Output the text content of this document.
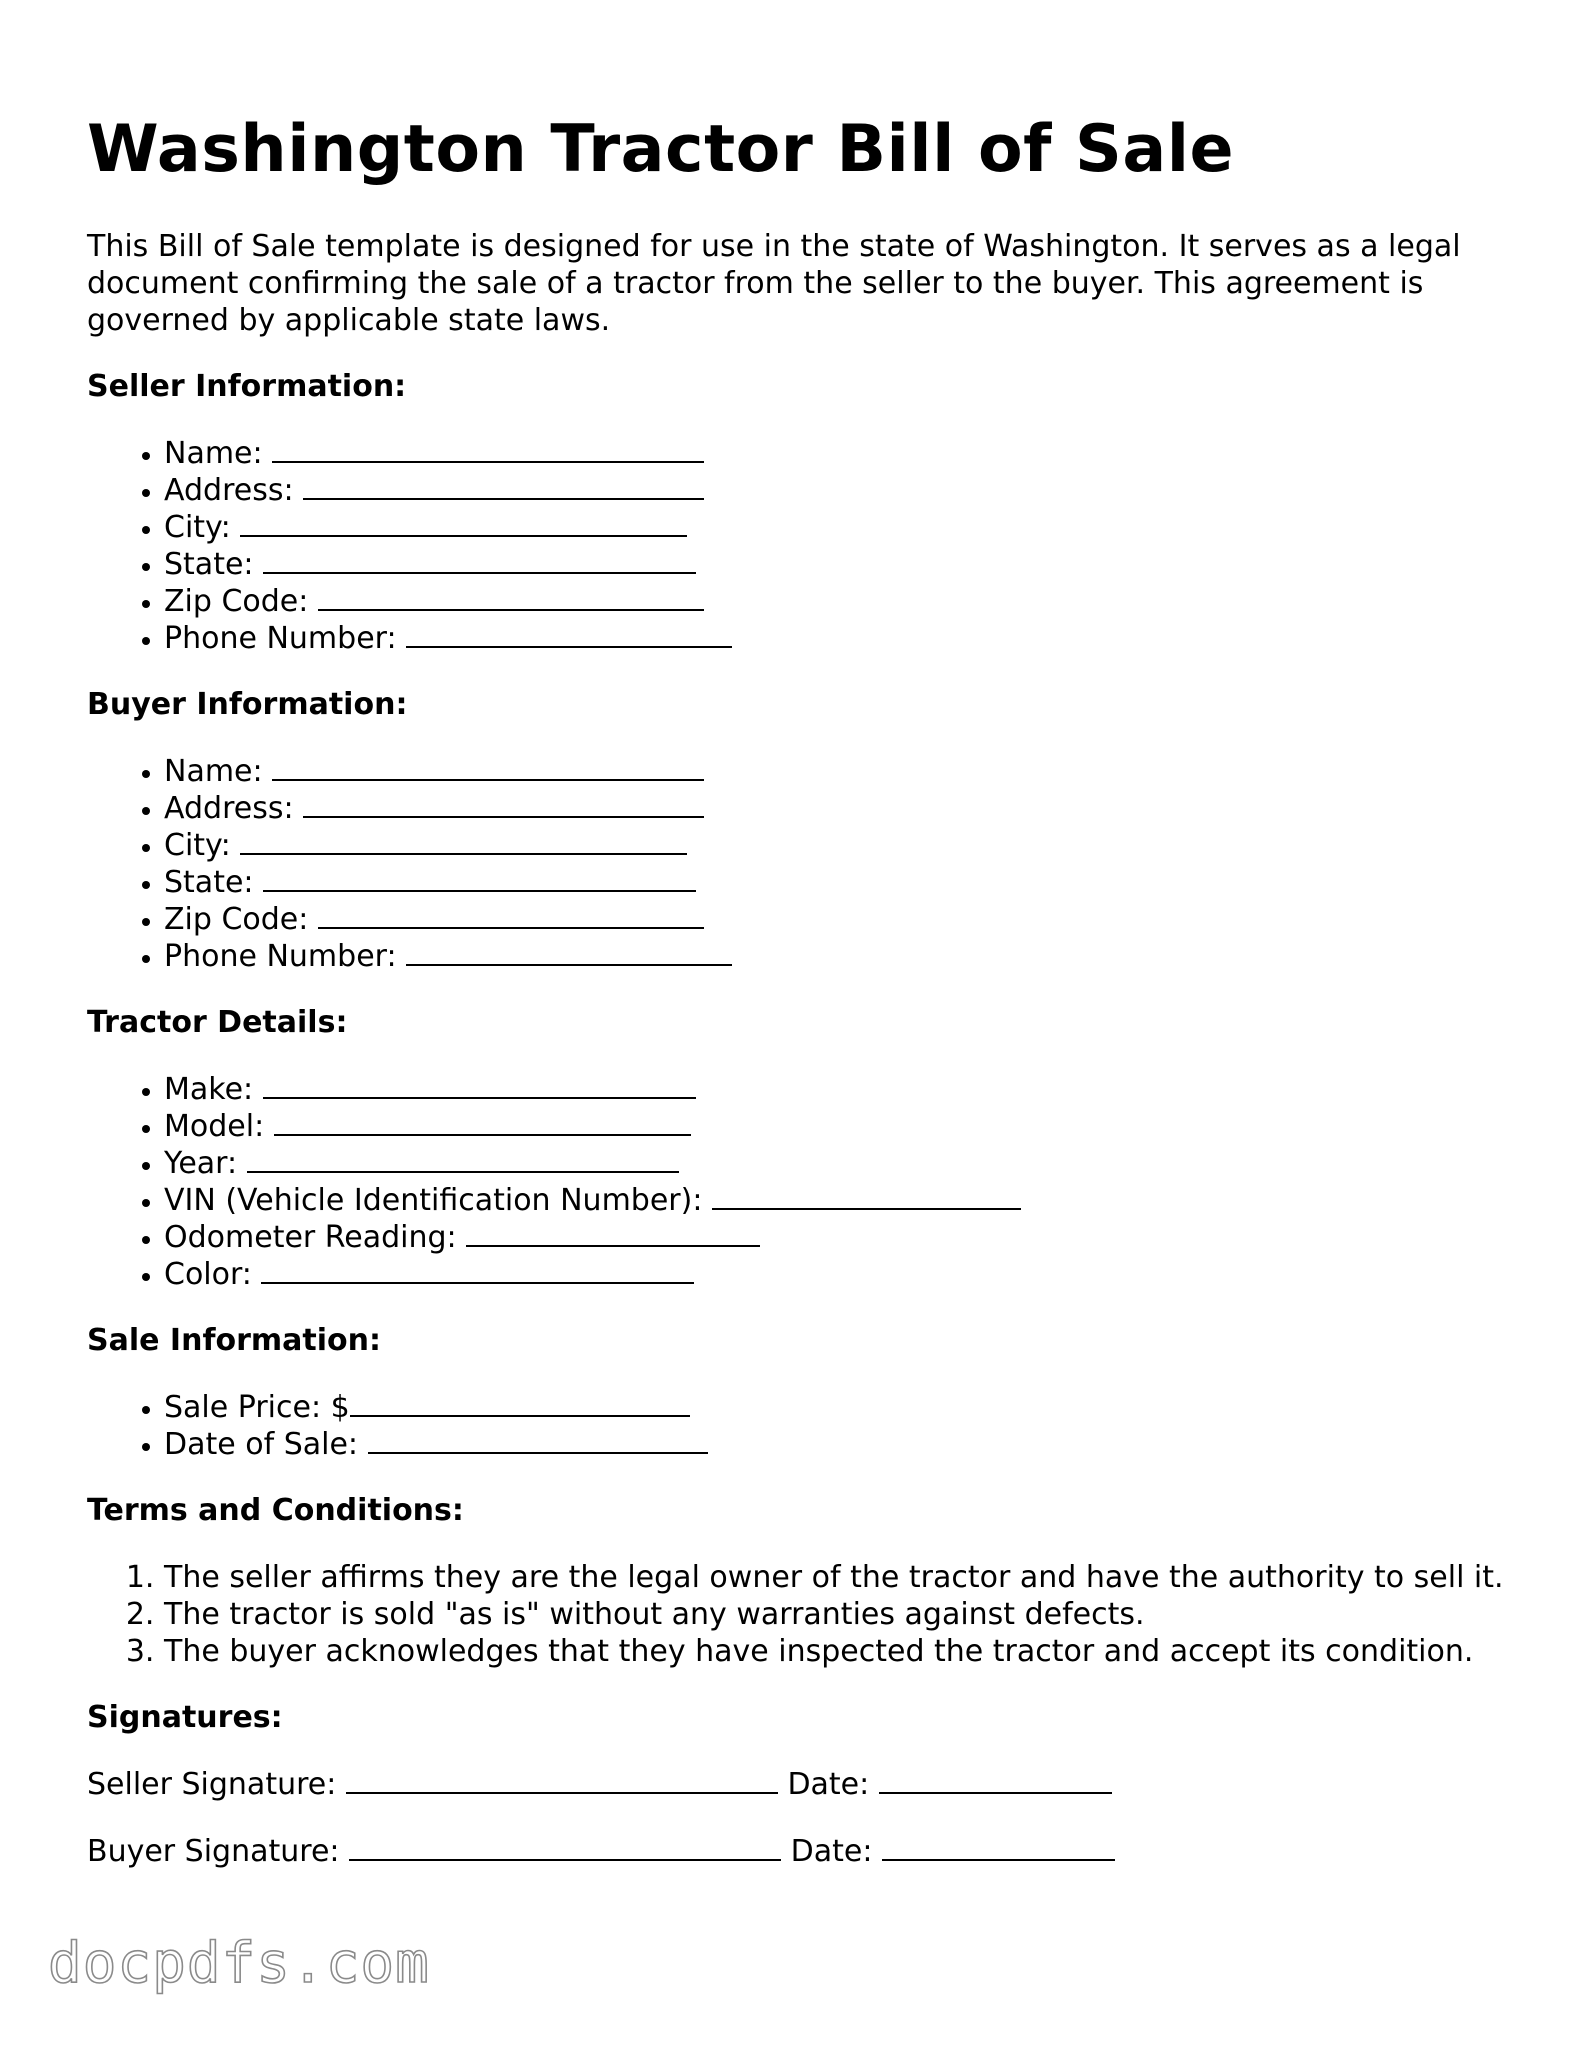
Washington Tractor Bill of Sale

This Bill of Sale template is designed for use in the state of Washington. It serves as a legal document confirming the sale of a tractor from the seller to the buyer. This agreement is governed by applicable state laws.

Seller Information:
• Name:
• Address:
• City:
• State:
• Zip Code:
• Phone Number:
Buyer Information:
• Name:
• Address:
• City:
• State:
• Zip Code:
• Phone Number:
Tractor Details:
• Make:
• Model:
• Year:
• VIN (Vehicle Identification Number):
• Odometer Reading:
• Color:
Sale Information:
• Sale Price: $
• Date of Sale:
Terms and Conditions:
1. The seller affirms they are the legal owner of the tractor and have the authority to sell it.
2. The tractor is sold "as is" without any warranties against defects.
3. The buyer acknowledges that they have inspected the tractor and accept its condition.
Signatures:

Seller Signature:	Date:

Buyer Signature:	Date:

docpdfs.com
